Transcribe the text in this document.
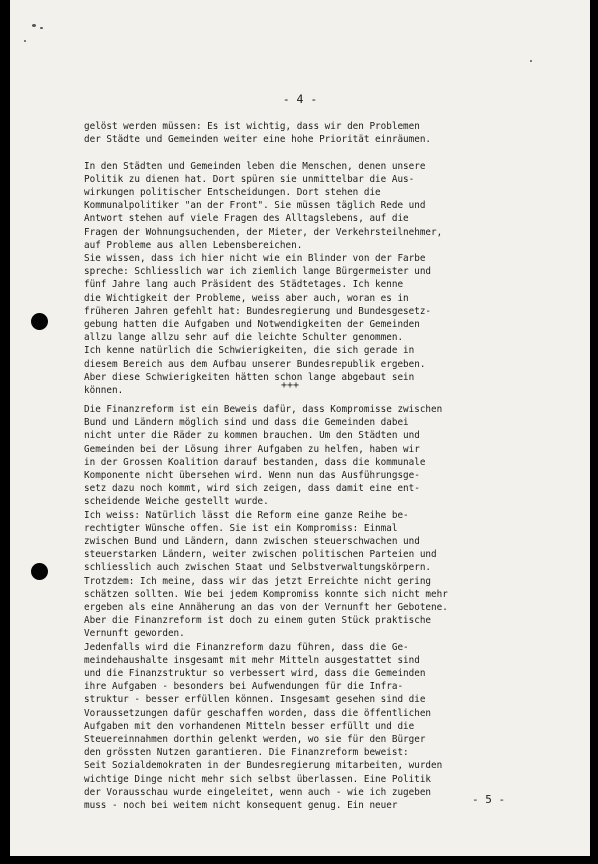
- 4 -
gelöst werden müssen: Es ist wichtig, dass wir den Problemen
der Städte und Gemeinden weiter eine hohe Priorität einräumen.

In den Städten und Gemeinden leben die Menschen, denen unsere
Politik zu dienen hat. Dort spüren sie unmittelbar die Aus-
wirkungen politischer Entscheidungen. Dort stehen die
Kommunalpolitiker "an der Front". Sie müssen täglich Rede und
Antwort stehen auf viele Fragen des Alltagslebens, auf die
Fragen der Wohnungsuchenden, der Mieter, der Verkehrsteilnehmer,
auf Probleme aus allen Lebensbereichen.
Sie wissen, dass ich hier nicht wie ein Blinder von der Farbe
spreche: Schliesslich war ich ziemlich lange Bürgermeister und
fünf Jahre lang auch Präsident des Städtetages. Ich kenne
die Wichtigkeit der Probleme, weiss aber auch, woran es in
früheren Jahren gefehlt hat: Bundesregierung und Bundesgesetz-
gebung hatten die Aufgaben und Notwendigkeiten der Gemeinden
allzu lange allzu sehr auf die leichte Schulter genommen.
Ich kenne natürlich die Schwierigkeiten, die sich gerade in
diesem Bereich aus dem Aufbau unserer Bundesrepublik ergeben.
Aber diese Schwierigkeiten hätten schon lange abgebaut sein
können.	+++
Die Finanzreform ist ein Beweis dafür, dass Kompromisse zwischen
Bund und Ländern möglich sind und dass die Gemeinden dabei
nicht unter die Räder zu kommen brauchen. Um den Städten und
Gemeinden bei der Lösung ihrer Aufgaben zu helfen, haben wir
in der Grossen Koalition darauf bestanden, dass die kommunale
Komponente nicht übersehen wird. Wenn nun das Ausführungsge-
setz dazu noch kommt, wird sich zeigen, dass damit eine ent-
scheidende Weiche gestellt wurde.
Ich weiss: Natürlich lässt die Reform eine ganze Reihe be-
rechtigter Wünsche offen. Sie ist ein Kompromiss: Einmal
zwischen Bund und Ländern, dann zwischen steuerschwachen und
steuerstarken Ländern, weiter zwischen politischen Parteien und
schliesslich auch zwischen Staat und Selbstverwaltungskörpern.
Trotzdem: Ich meine, dass wir das jetzt Erreichte nicht gering
schätzen sollten. Wie bei jedem Kompromiss konnte sich nicht mehr
ergeben als eine Annäherung an das von der Vernunft her Gebotene.
Aber die Finanzreform ist doch zu einem guten Stück praktische
Vernunft geworden.
Jedenfalls wird die Finanzreform dazu führen, dass die Ge-
meindehaushalte insgesamt mit mehr Mitteln ausgestattet sind
und die Finanzstruktur so verbessert wird, dass die Gemeinden
ihre Aufgaben - besonders bei Aufwendungen für die Infra-
struktur - besser erfüllen können. Insgesamt gesehen sind die
Voraussetzungen dafür geschaffen worden, dass die öffentlichen
Aufgaben mit den vorhandenen Mitteln besser erfüllt und die
Steuereinnahmen dorthin gelenkt werden, wo sie für den Bürger
den grössten Nutzen garantieren. Die Finanzreform beweist:
Seit Sozialdemokraten in der Bundesregierung mitarbeiten, wurden
wichtige Dinge nicht mehr sich selbst überlassen. Eine Politik
der Vorausschau wurde eingeleitet, wenn auch - wie ich zugeben
muss - noch bei weitem nicht konsequent genug. Ein neuer	- 5 -
